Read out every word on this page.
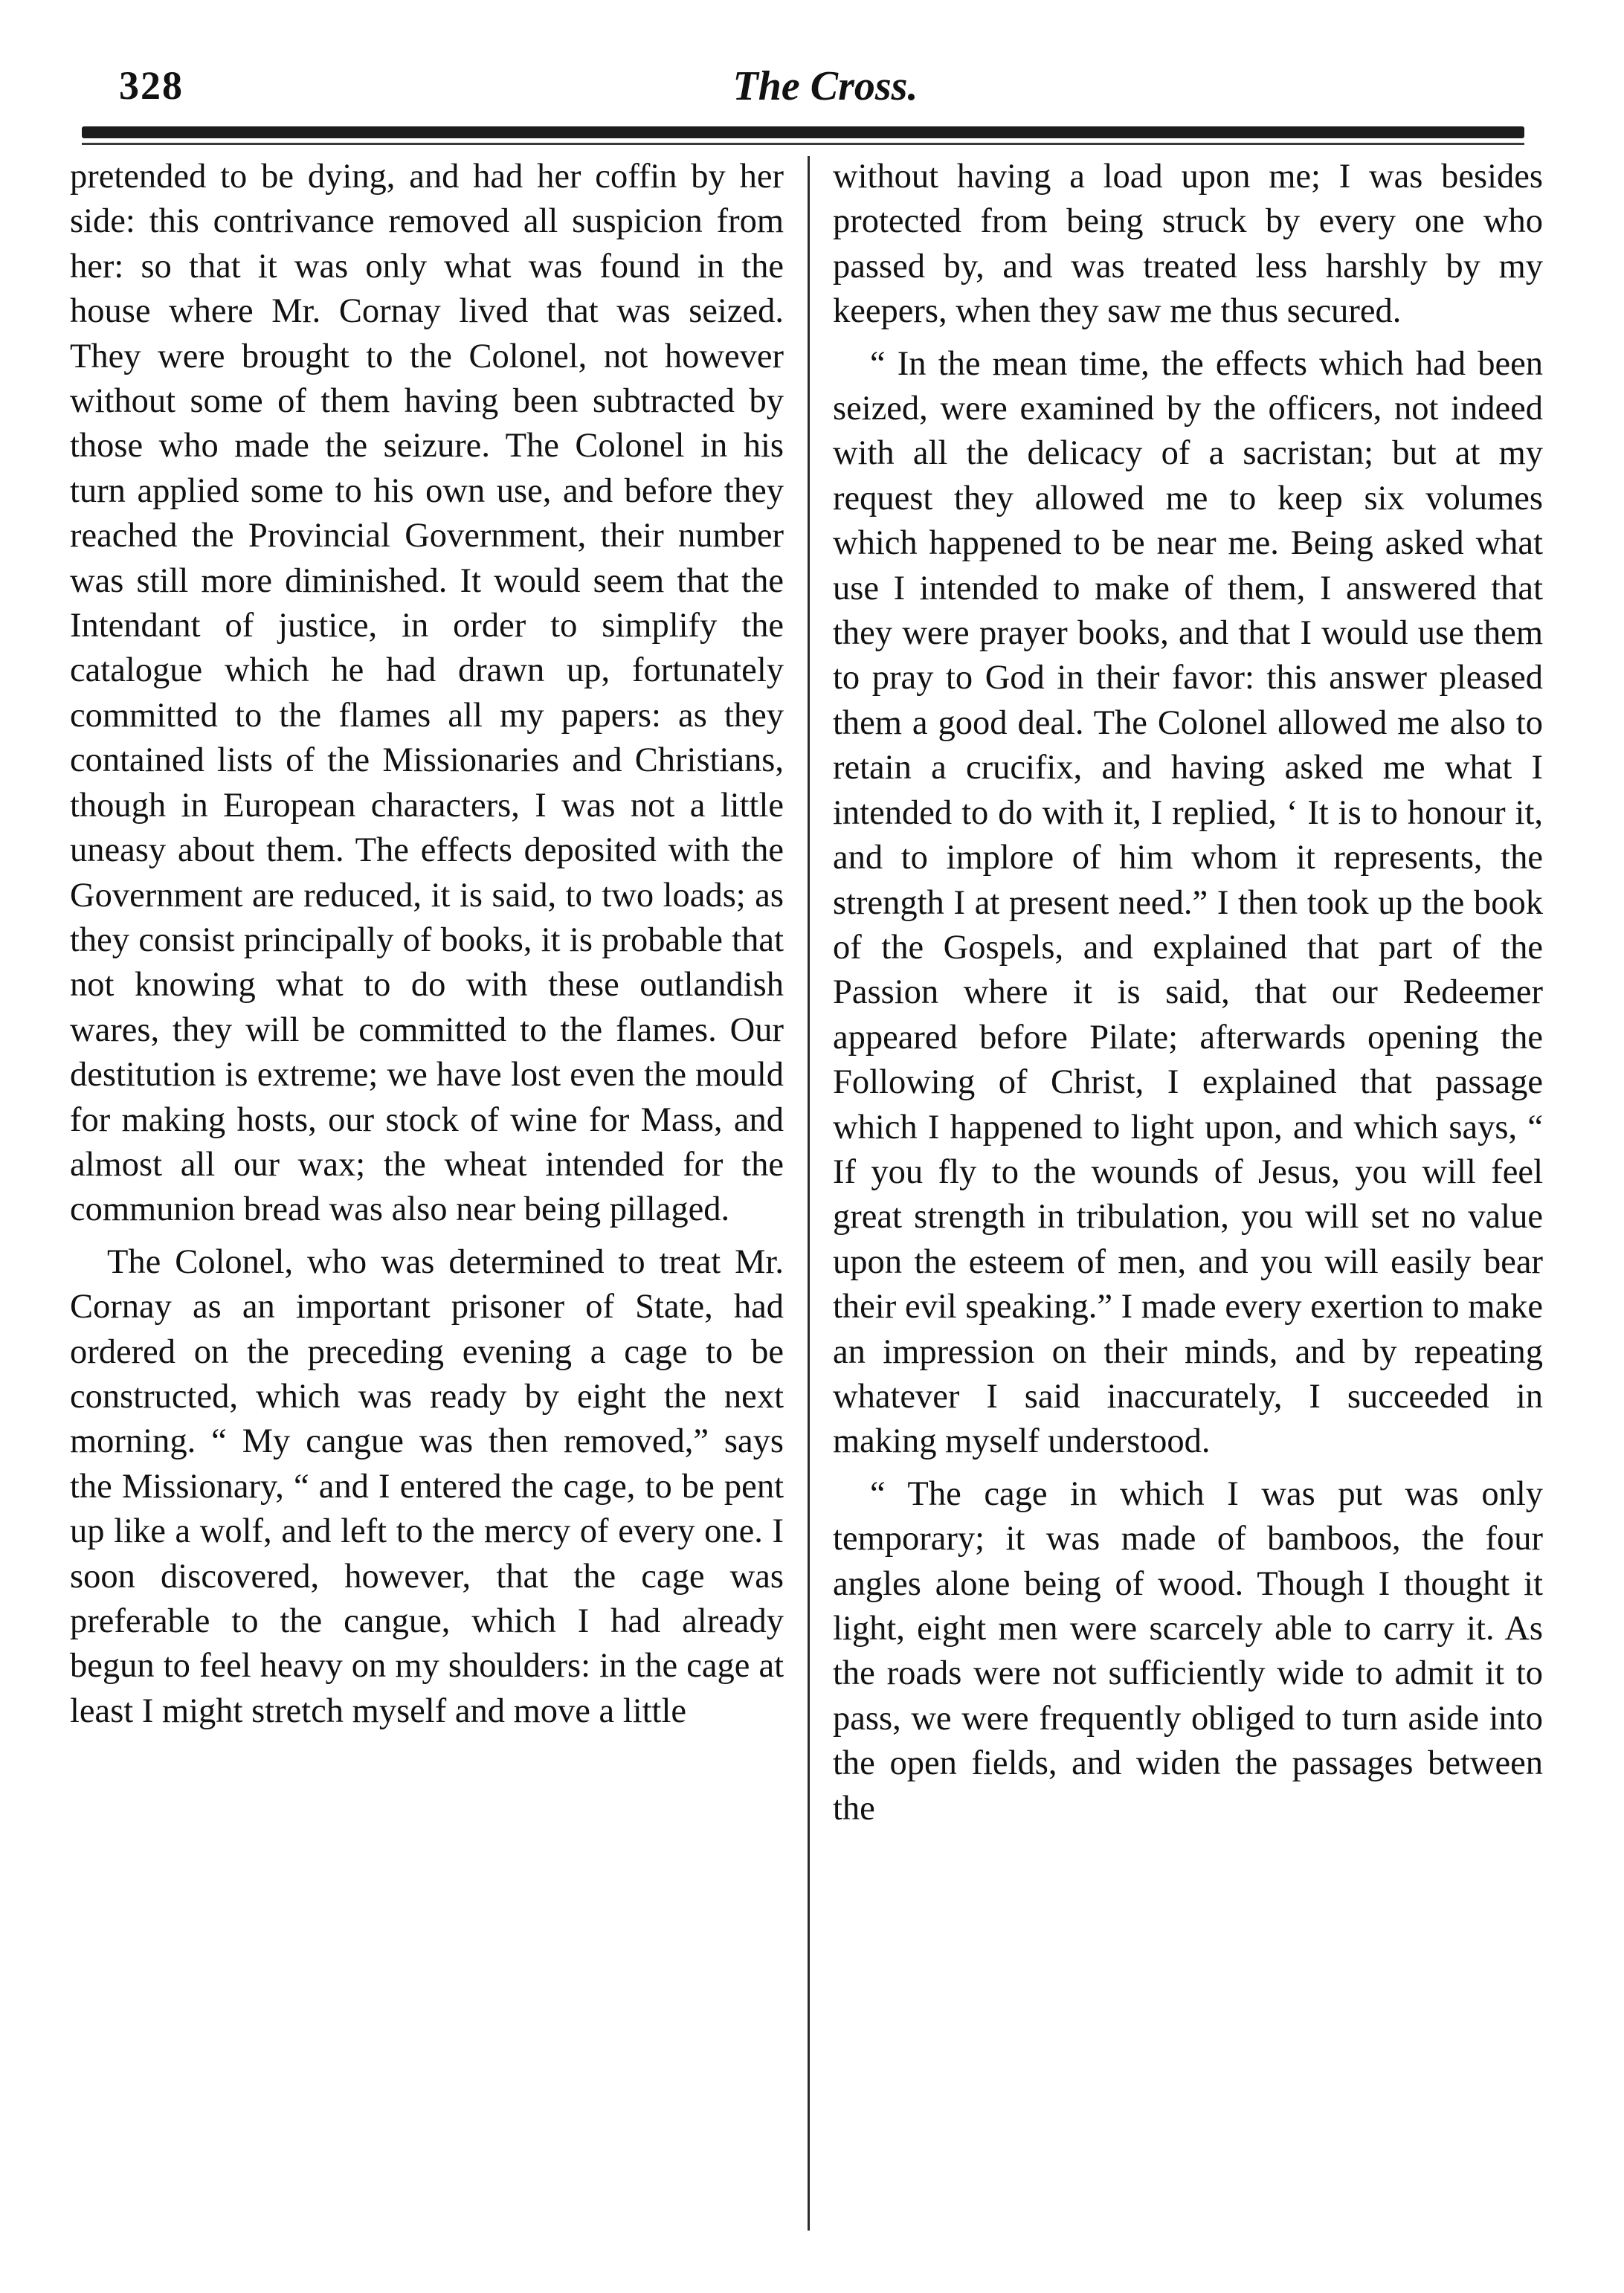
328	The Cross.

pretended to be dying, and had her coffin by her side: this contrivance removed all suspicion from her: so that it was only what was found in the house where Mr. Cornay lived that was seized. They were brought to the Colonel, not however without some of them having been subtracted by those who made the seizure. The Colonel in his turn applied some to his own use, and before they reached the Provincial Government, their number was still more diminished. It would seem that the Intendant of justice, in order to simplify the catalogue which he had drawn up, fortunately committed to the flames all my papers: as they contained lists of the Missionaries and Christians, though in European characters, I was not a little uneasy about them. The effects deposited with the Government are reduced, it is said, to two loads; as they consist principally of books, it is probable that not knowing what to do with these outlandish wares, they will be committed to the flames. Our destitution is extreme; we have lost even the mould for making hosts, our stock of wine for Mass, and almost all our wax; the wheat intended for the communion bread was also near being pillaged.

The Colonel, who was determined to treat Mr. Cornay as an important prisoner of State, had ordered on the preceding evening a cage to be constructed, which was ready by eight the next morning. “ My cangue was then removed,” says the Missionary, “ and I entered the cage, to be pent up like a wolf, and left to the mercy of every one. I soon discovered, however, that the cage was preferable to the cangue, which I had already begun to feel heavy on my shoulders: in the cage at least I might stretch myself and move a little

without having a load upon me; I was besides protected from being struck by every one who passed by, and was treated less harshly by my keepers, when they saw me thus secured.

“ In the mean time, the effects which had been seized, were examined by the officers, not indeed with all the delicacy of a sacristan; but at my request they allowed me to keep six volumes which happened to be near me. Being asked what use I intended to make of them, I answered that they were prayer books, and that I would use them to pray to God in their favor: this answer pleased them a good deal. The Colonel allowed me also to retain a crucifix, and having asked me what I intended to do with it, I replied, ‘ It is to honour it, and to implore of him whom it represents, the strength I at present need.” I then took up the book of the Gospels, and explained that part of the Passion where it is said, that our Redeemer appeared before Pilate; afterwards opening the Following of Christ, I explained that passage which I happened to light upon, and which says, “ If you fly to the wounds of Jesus, you will feel great strength in tribulation, you will set no value upon the esteem of men, and you will easily bear their evil speaking.” I made every exertion to make an impression on their minds, and by repeating whatever I said inaccurately, I succeeded in making myself understood.

“ The cage in which I was put was only temporary; it was made of bamboos, the four angles alone being of wood. Though I thought it light, eight men were scarcely able to carry it. As the roads were not sufficiently wide to admit it to pass, we were frequently obliged to turn aside into the open fields, and widen the passages between the
